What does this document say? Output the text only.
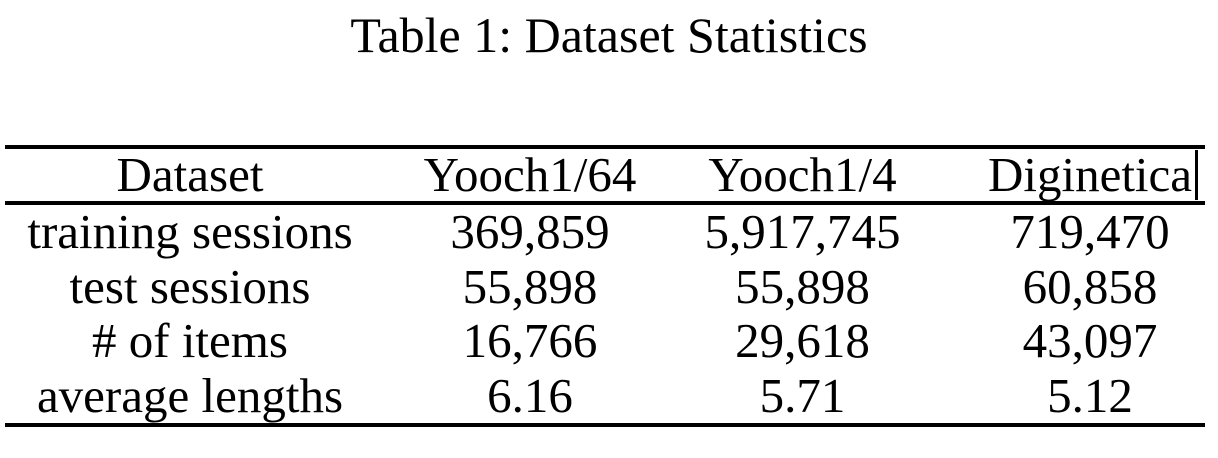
Table 1: Dataset Statistics
Dataset	Yooch1/64	Yooch1/4	Diginetica

training sessions	369,859	5,917,745	719,470
test sessions	55,898	55,898	60,858
# of items	16,766	29,618	43,097
average lengths	6.16	5.71	5.12
